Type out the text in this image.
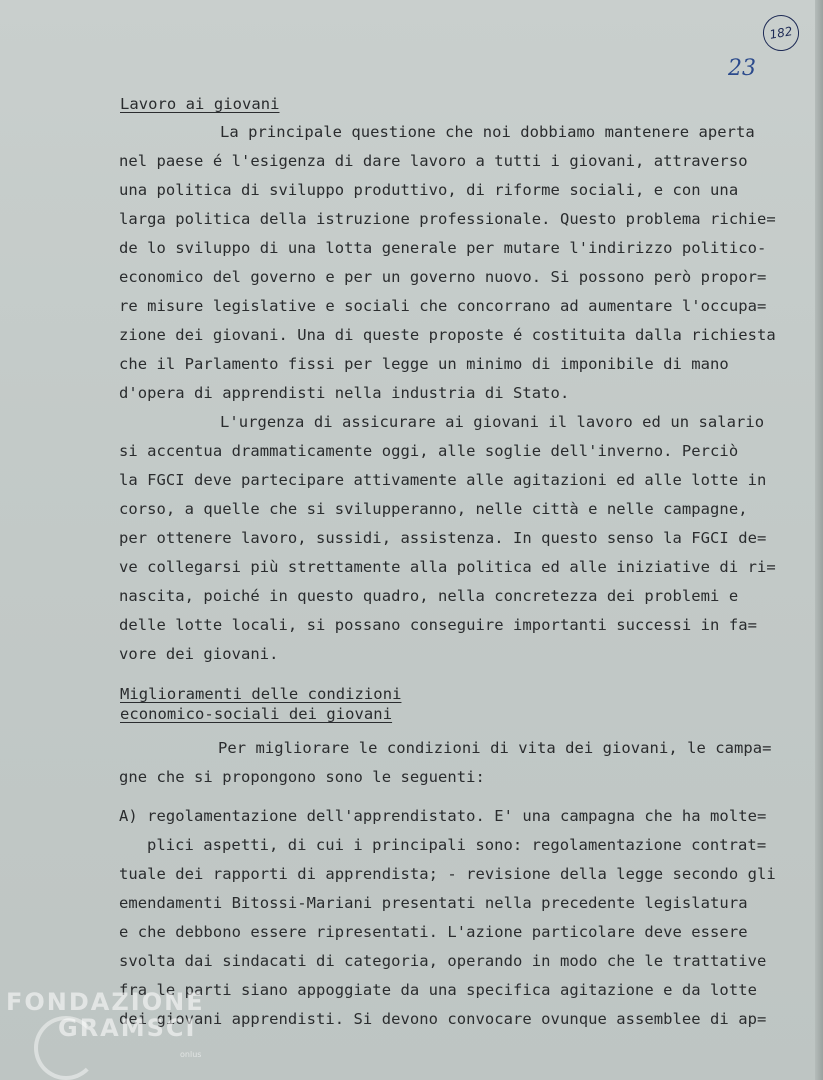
182
23
Lavoro ai giovani
La principale questione che noi dobbiamo mantenere aperta
nel paese é l'esigenza di dare lavoro a tutti i giovani, attraverso
una politica di sviluppo produttivo, di riforme sociali, e con una
larga politica della istruzione professionale. Questo problema richie=
de lo sviluppo di una lotta generale per mutare l'indirizzo politico-
economico del governo e per un governo nuovo. Si possono però propor=
re misure legislative e sociali che concorrano ad aumentare l'occupa=
zione dei giovani. Una di queste proposte é costituita dalla richiesta
che il Parlamento fissi per legge un minimo di imponibile di mano
d'opera di apprendisti nella industria di Stato.
L'urgenza di assicurare ai giovani il lavoro ed un salario
si accentua drammaticamente oggi, alle soglie dell'inverno. Perciò
la FGCI deve partecipare attivamente alle agitazioni ed alle lotte in
corso, a quelle che si svilupperanno, nelle città e nelle campagne,
per ottenere lavoro, sussidi, assistenza. In questo senso la FGCI de=
ve collegarsi più strettamente alla politica ed alle iniziative di ri=
nascita, poiché in questo quadro, nella concretezza dei problemi e
delle lotte locali, si possano conseguire importanti successi in fa=
vore dei giovani.
Miglioramenti delle condizioni
economico-sociali dei giovani
Per migliorare le condizioni di vita dei giovani, le campa=
gne che si propongono sono le seguenti:
A) regolamentazione dell'apprendistato. E' una campagna che ha molte=
plici aspetti, di cui i principali sono: regolamentazione contrat=
tuale dei rapporti di apprendista; - revisione della legge secondo gli
emendamenti Bitossi-Mariani presentati nella precedente legislatura
e che debbono essere ripresentati. L'azione particolare deve essere
svolta dai sindacati di categoria, operando in modo che le trattative
fra le parti siano appoggiate da una specifica agitazione e da lotte
dei giovani apprendisti. Si devono convocare ovunque assemblee di ap=
FONDAZIONE
GRAMSCI
onlus
